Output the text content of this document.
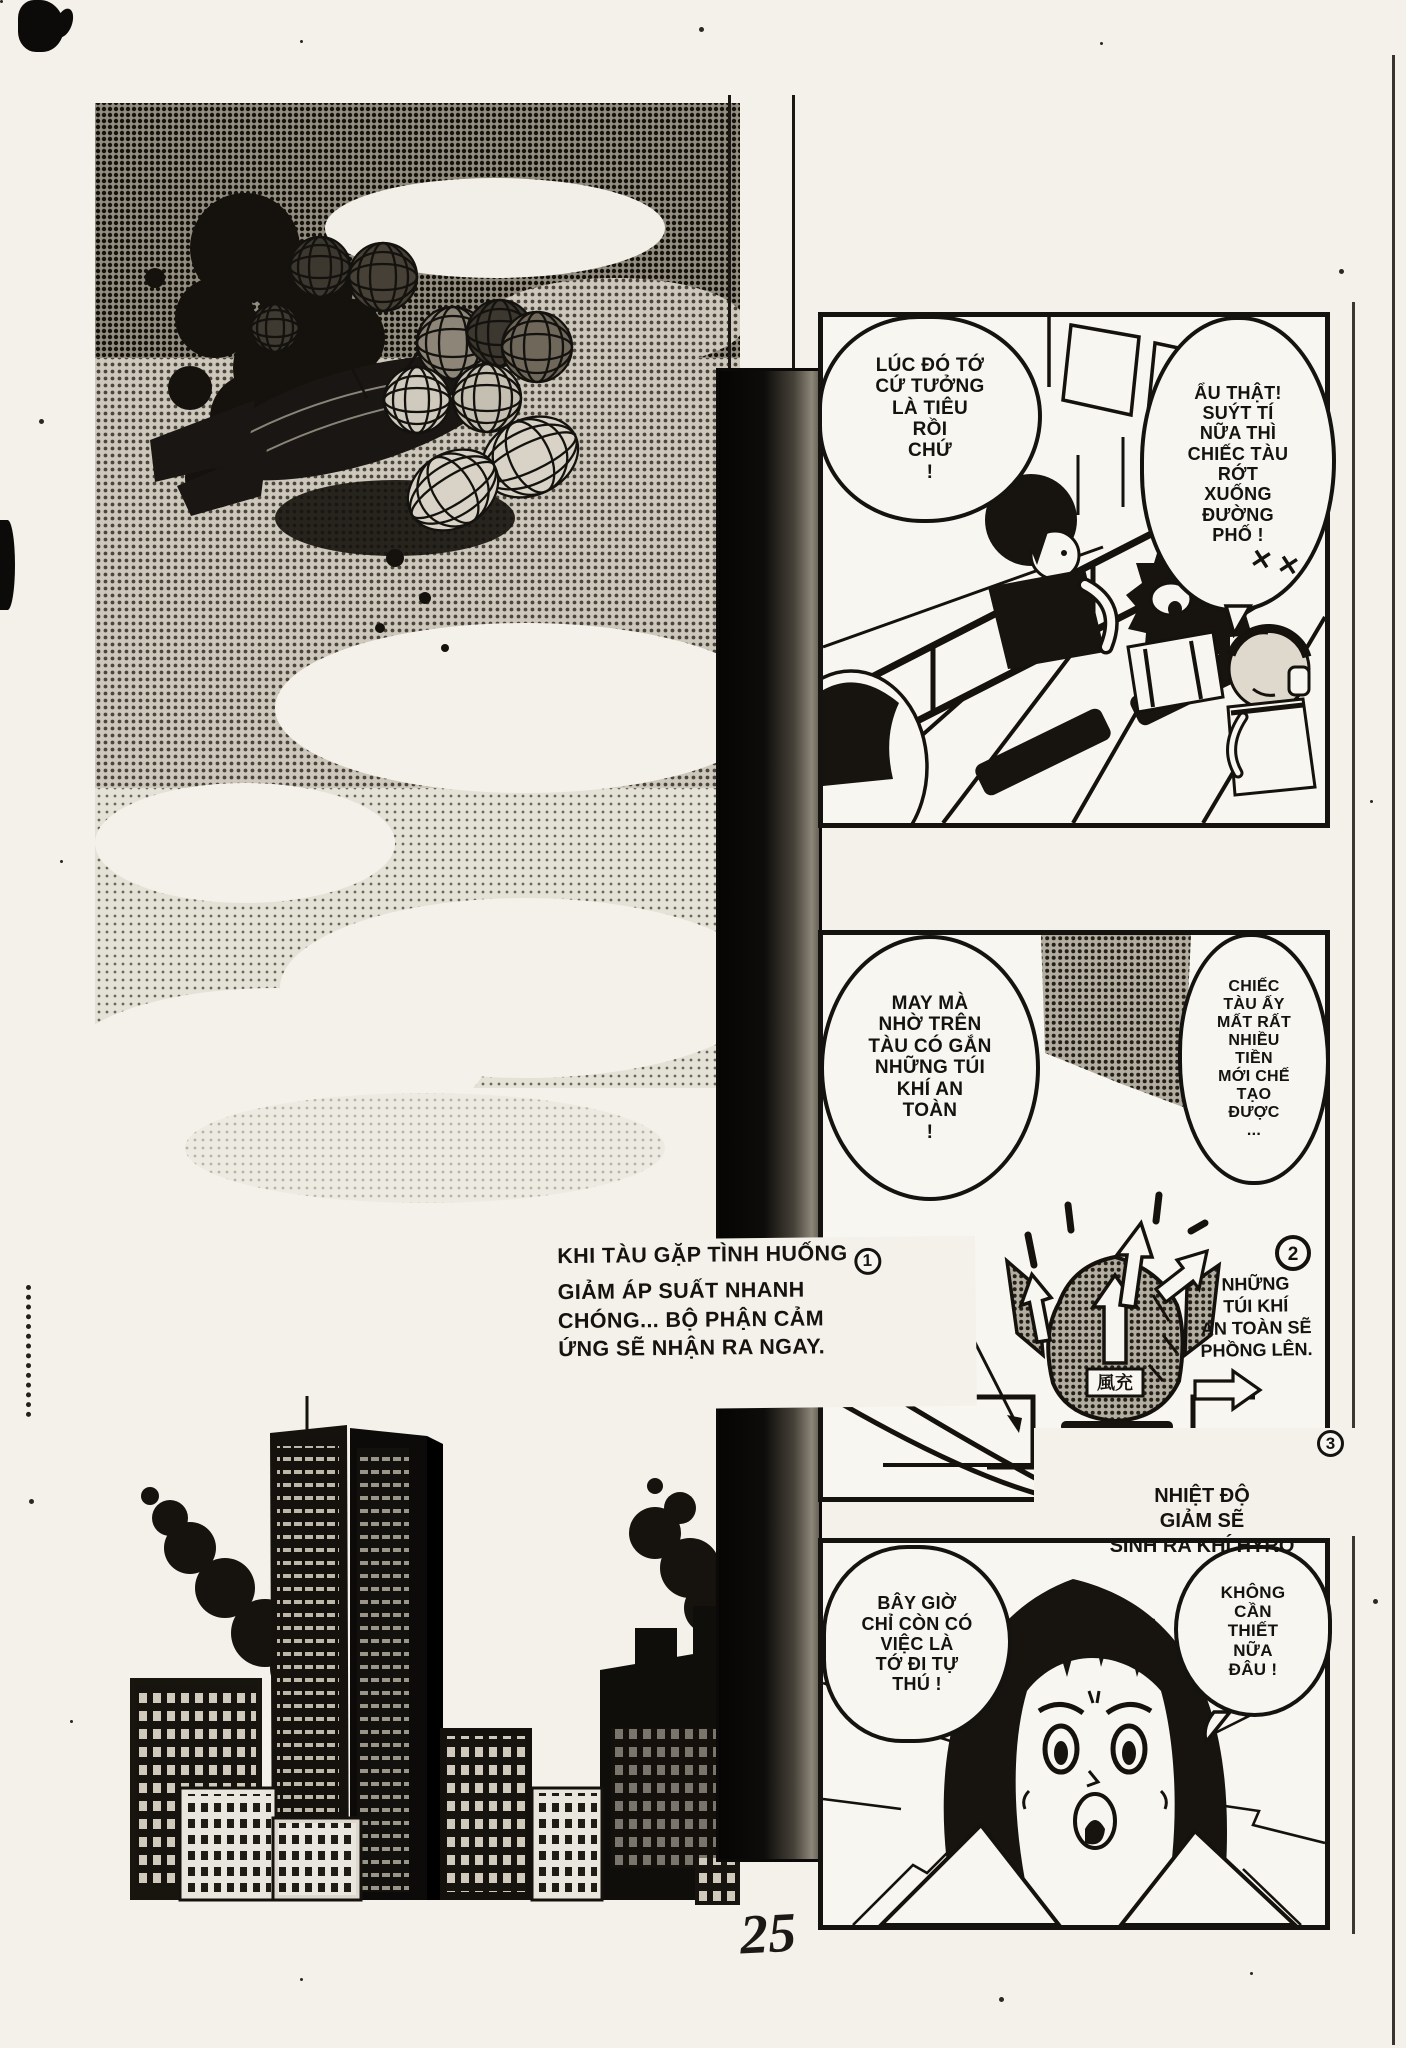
LÚC ĐÓ TỚ
CỨ TƯỞNG
LÀ TIÊU
RỒI
CHỨ
!
ẨU THẬT!
SUÝT TÍ
NỮA THÌ
CHIẾC TÀU
RỚT
XUỐNG
ĐƯỜNG
PHỐ !
✕✕
風充
2
MAY MÀ
NHỜ TRÊN
TÀU CÓ GẮN
NHỮNG TÚI
KHÍ AN
TOÀN
!
CHIẾC
TÀU ẤY
MẤT RẤT
NHIỀU
TIỀN
MỚI CHẾ
TẠO
ĐƯỢC
...

NHỮNG
TÚI KHÍ
AN TOÀN SẼ
PHỒNG LÊN.

KHI TÀU GẶP TÌNH HUỐNG 1
GIẢM ÁP SUẤT NHANH
CHÓNG... BỘ PHẬN CẢM
ỨNG SẼ NHẬN RA NGAY.

3

NHIỆT ĐỘ
GIẢM SẼ
SINH RA KHÍ HYRO

BÂY GIỜ
CHỈ CÒN CÓ
VIỆC LÀ
TỚ ĐI TỰ
THÚ !
KHÔNG
CẦN
THIẾT
NỮA
ĐÂU !
25
